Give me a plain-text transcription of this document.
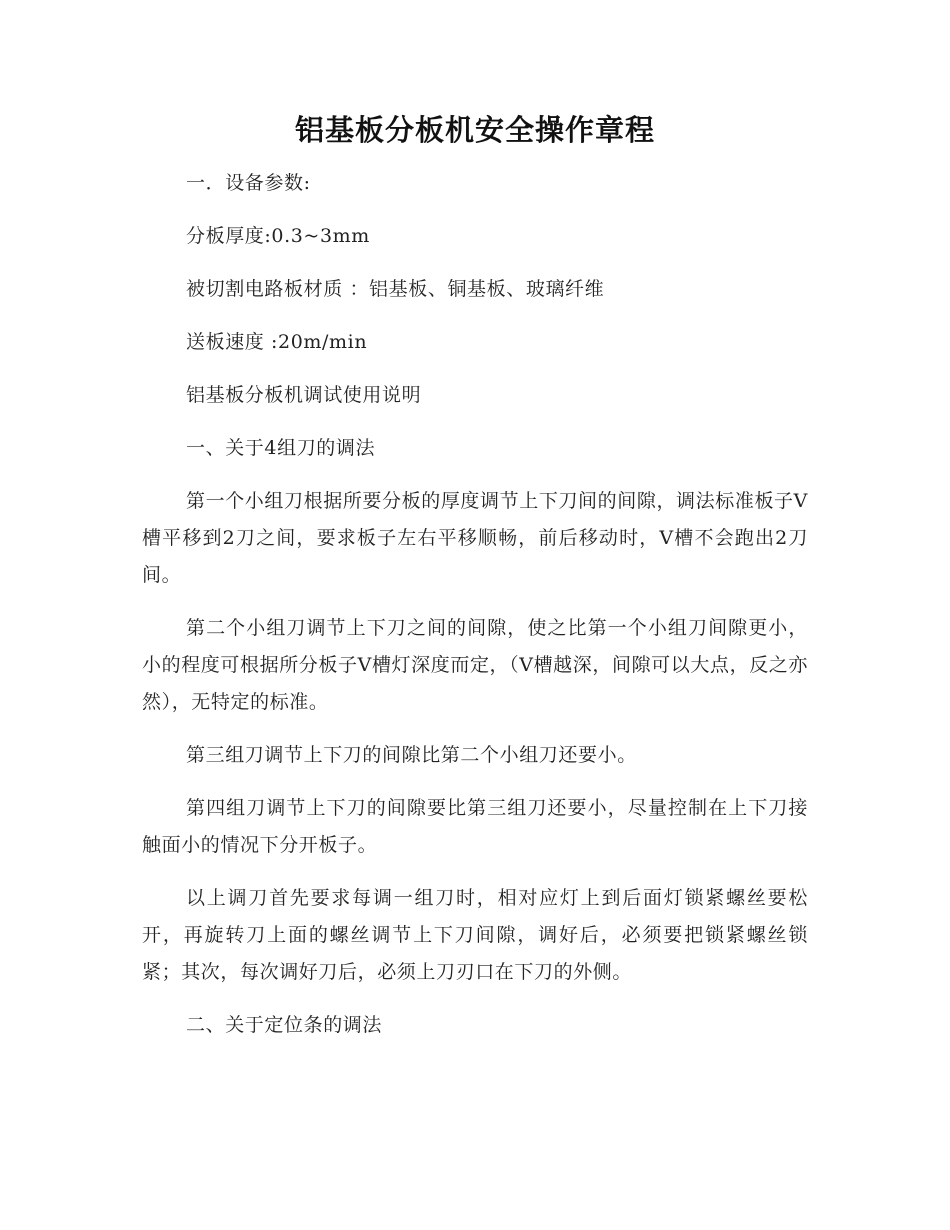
铝基板分板机安全操作章程
一．设备参数:
分板厚度:0.3~3mm
被切割电路板材质 ：铝基板、铜基板、玻璃纤维
送板速度 :20m/min
铝基板分板机调试使用说明
一、关于4组刀的调法

第一个小组刀根据所要分板的厚度调节上下刀间的间隙，调法标准板子V槽平移到2刀之间，要求板子左右平移顺畅，前后移动时，V槽不会跑出2刀间。

第二个小组刀调节上下刀之间的间隙，使之比第一个小组刀间隙更小，小的程度可根据所分板子V槽灯深度而定，（V槽越深，间隙可以大点，反之亦然），无特定的标准。

第三组刀调节上下刀的间隙比第二个小组刀还要小。

第四组刀调节上下刀的间隙要比第三组刀还要小，尽量控制在上下刀接触面小的情况下分开板子。

以上调刀首先要求每调一组刀时，相对应灯上到后面灯锁紧螺丝要松开，再旋转刀上面的螺丝调节上下刀间隙，调好后，必须要把锁紧螺丝锁紧；其次，每次调好刀后，必须上刀刃口在下刀的外侧。

二、关于定位条的调法
